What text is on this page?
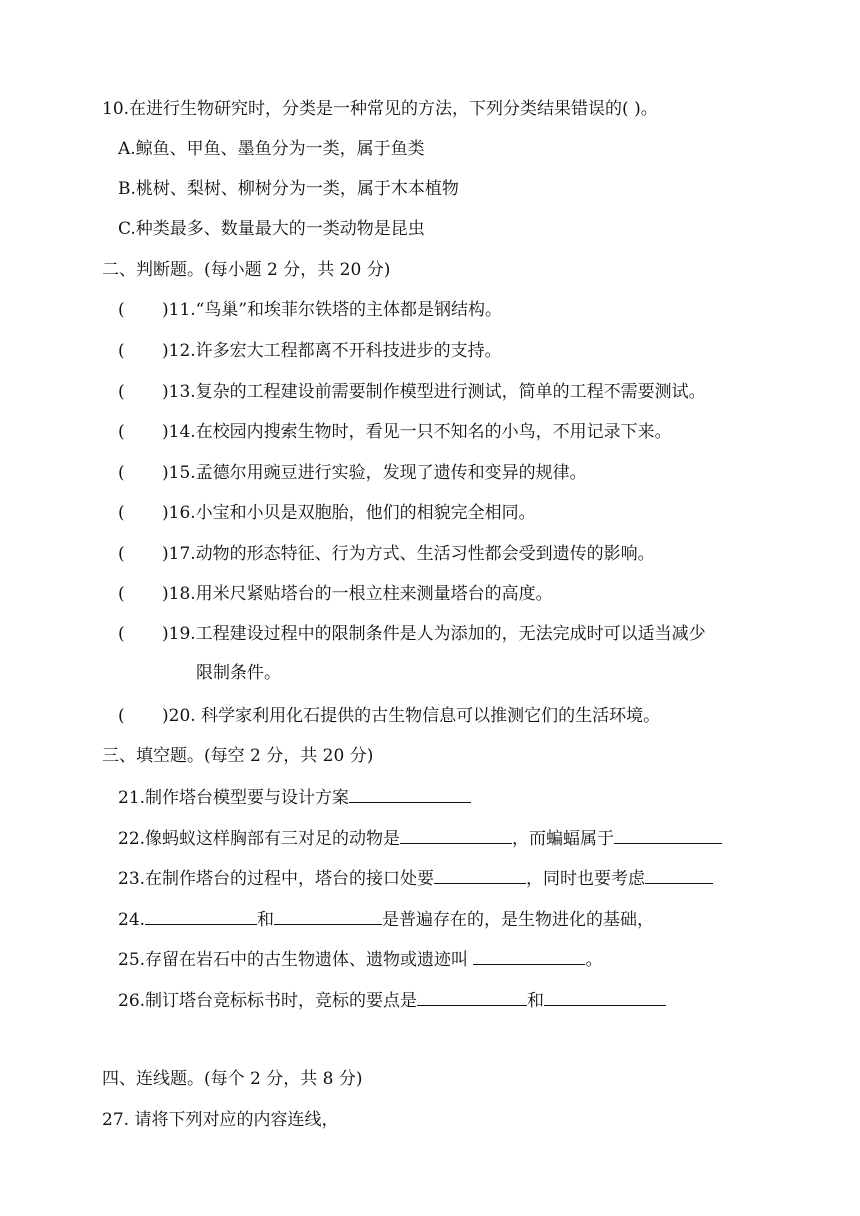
10.在进行生物研究时，分类是一种常见的方法，下列分类结果错误的( )。
A.鲸鱼、甲鱼、墨鱼分为一类，属于鱼类
B.桃树、梨树、柳树分为一类，属于木本植物
C.种类最多、数量最大的一类动物是昆虫
二、判断题。(每小题 2 分，共 20 分)
( )11.“鸟巢”和埃菲尔铁塔的主体都是钢结构。
( )12.许多宏大工程都离不开科技进步的支持。
( )13.复杂的工程建设前需要制作模型进行测试，简单的工程不需要测试。
( )14.在校园内搜索生物时，看见一只不知名的小鸟，不用记录下来。
( )15.孟德尔用豌豆进行实验，发现了遗传和变异的规律。
( )16.小宝和小贝是双胞胎，他们的相貌完全相同。
( )17.动物的形态特征、行为方式、生活习性都会受到遗传的影响。
( )18.用米尺紧贴塔台的一根立柱来测量塔台的高度。
( )19.工程建设过程中的限制条件是人为添加的，无法完成时可以适当减少
限制条件。
( )20. 科学家利用化石提供的古生物信息可以推测它们的生活环境。
三、填空题。(每空 2 分，共 20 分)
21.制作塔台模型要与设计方案
22.像蚂蚁这样胸部有三对足的动物是	，而蝙蝠属于
23.在制作塔台的过程中，塔台的接口处要	，同时也要考虑
24.	和	是普遍存在的，是生物进化的基础，
25.存留在岩石中的古生物遗体、遗物或遗迹叫	。
26.制订塔台竞标标书时，竞标的要点是	和
四、连线题。(每个 2 分，共 8 分)
27. 请将下列对应的内容连线，
